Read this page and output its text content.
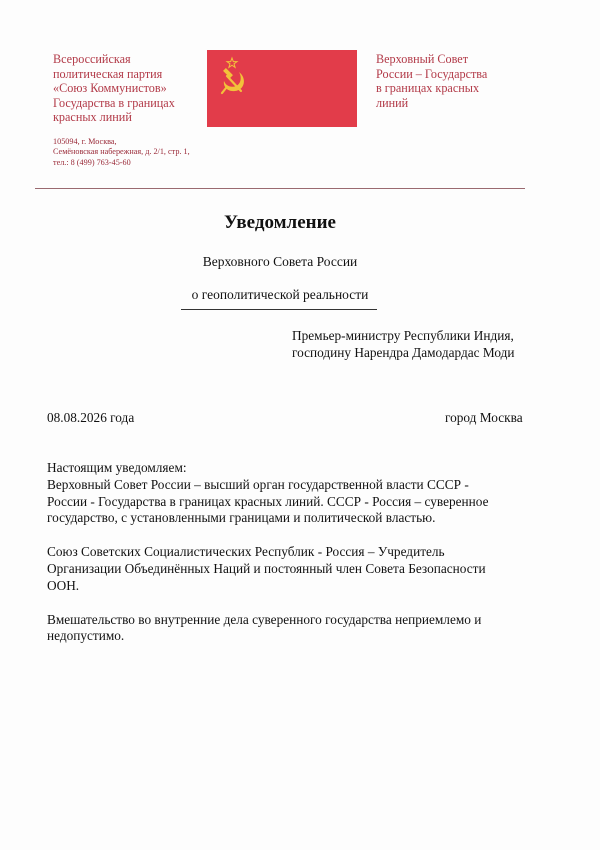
Всероссийская
политическая партия
«Союз Коммунистов»
Государства в границах
красных линий
105094, г. Москва,
Семёновская набережная, д. 2/1, стр. 1,
тел.: 8 (499) 763-45-60
Верховный Совет
России – Государства
в границах красных
линий
Уведомление
Верховного Совета России
о геополитической реальности
Премьер-министру Республики Индия,
господину Нарендра Дамодардас Моди
08.08.2026 года	город Москва
Настоящим уведомляем:
Верховный Совет России – высший орган государственной власти СССР -
России - Государства в границах красных линий. СССР - Россия – суверенное
государство, с установленными границами и политической властью.
Союз Советских Социалистических Республик - Россия – Учредитель
Организации Объединённых Наций и постоянный член Совета Безопасности
ООН.
Вмешательство во внутренние дела суверенного государства неприемлемо и
недопустимо.
